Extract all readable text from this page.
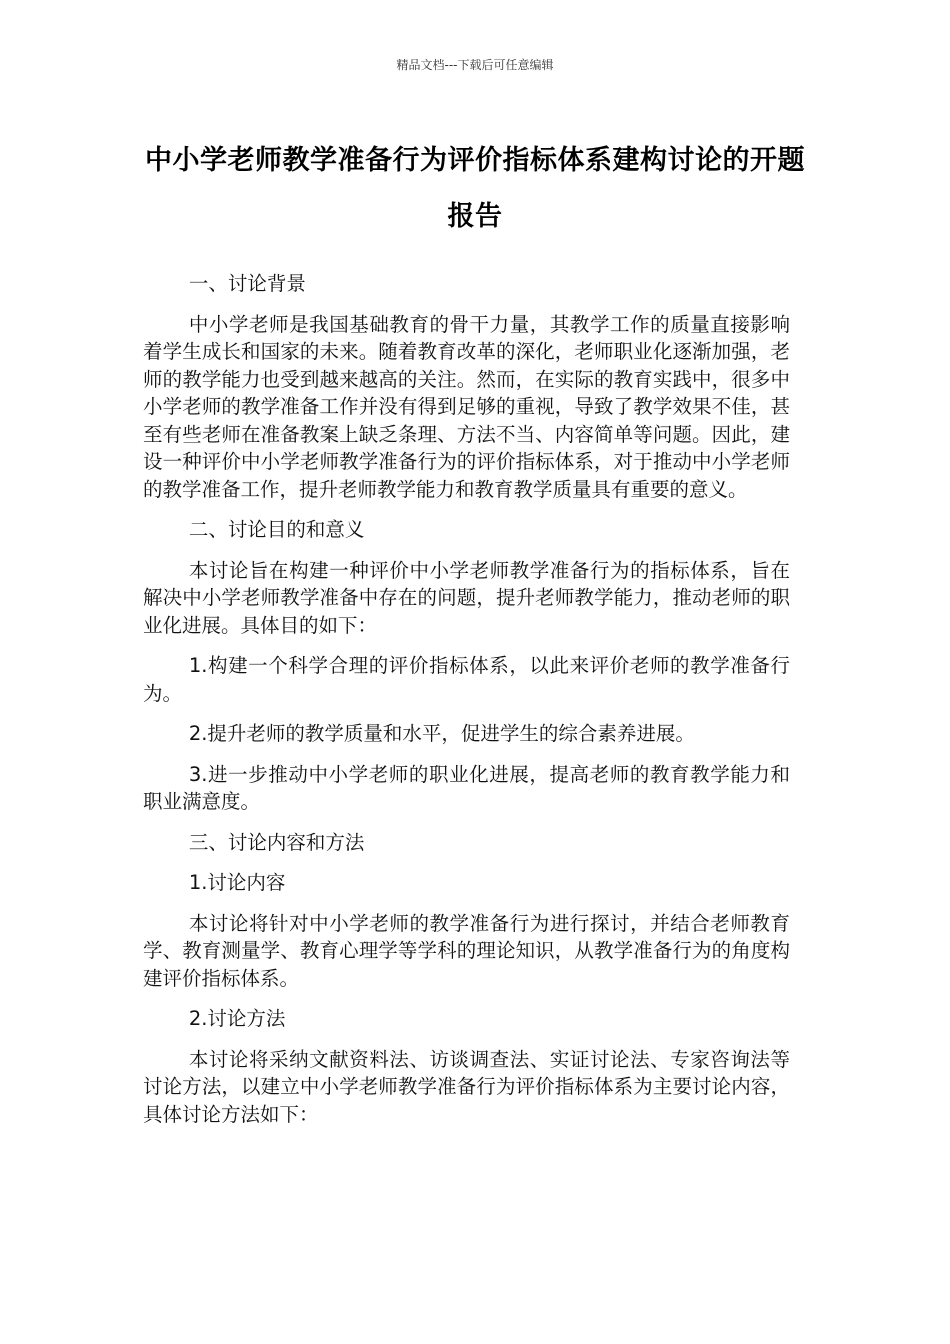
精品文档---下载后可任意编辑
中小学老师教学准备行为评价指标体系建构讨论的开题报告

一、讨论背景

中小学老师是我国基础教育的骨干力量，其教学工作的质量直接影响着学生成长和国家的未来。随着教育改革的深化，老师职业化逐渐加强，老师的教学能力也受到越来越高的关注。然而，在实际的教育实践中，很多中小学老师的教学准备工作并没有得到足够的重视，导致了教学效果不佳，甚至有些老师在准备教案上缺乏条理、方法不当、内容简单等问题。因此，建设一种评价中小学老师教学准备行为的评价指标体系，对于推动中小学老师的教学准备工作，提升老师教学能力和教育教学质量具有重要的意义。

二、讨论目的和意义

本讨论旨在构建一种评价中小学老师教学准备行为的指标体系，旨在解决中小学老师教学准备中存在的问题，提升老师教学能力，推动老师的职业化进展。具体目的如下：

1.构建一个科学合理的评价指标体系，以此来评价老师的教学准备行为。

2.提升老师的教学质量和水平，促进学生的综合素养进展。

3.进一步推动中小学老师的职业化进展，提高老师的教育教学能力和职业满意度。

三、讨论内容和方法

1.讨论内容

本讨论将针对中小学老师的教学准备行为进行探讨，并结合老师教育学、教育测量学、教育心理学等学科的理论知识，从教学准备行为的角度构建评价指标体系。

2.讨论方法

本讨论将采纳文献资料法、访谈调查法、实证讨论法、专家咨询法等讨论方法，以建立中小学老师教学准备行为评价指标体系为主要讨论内容，具体讨论方法如下：
